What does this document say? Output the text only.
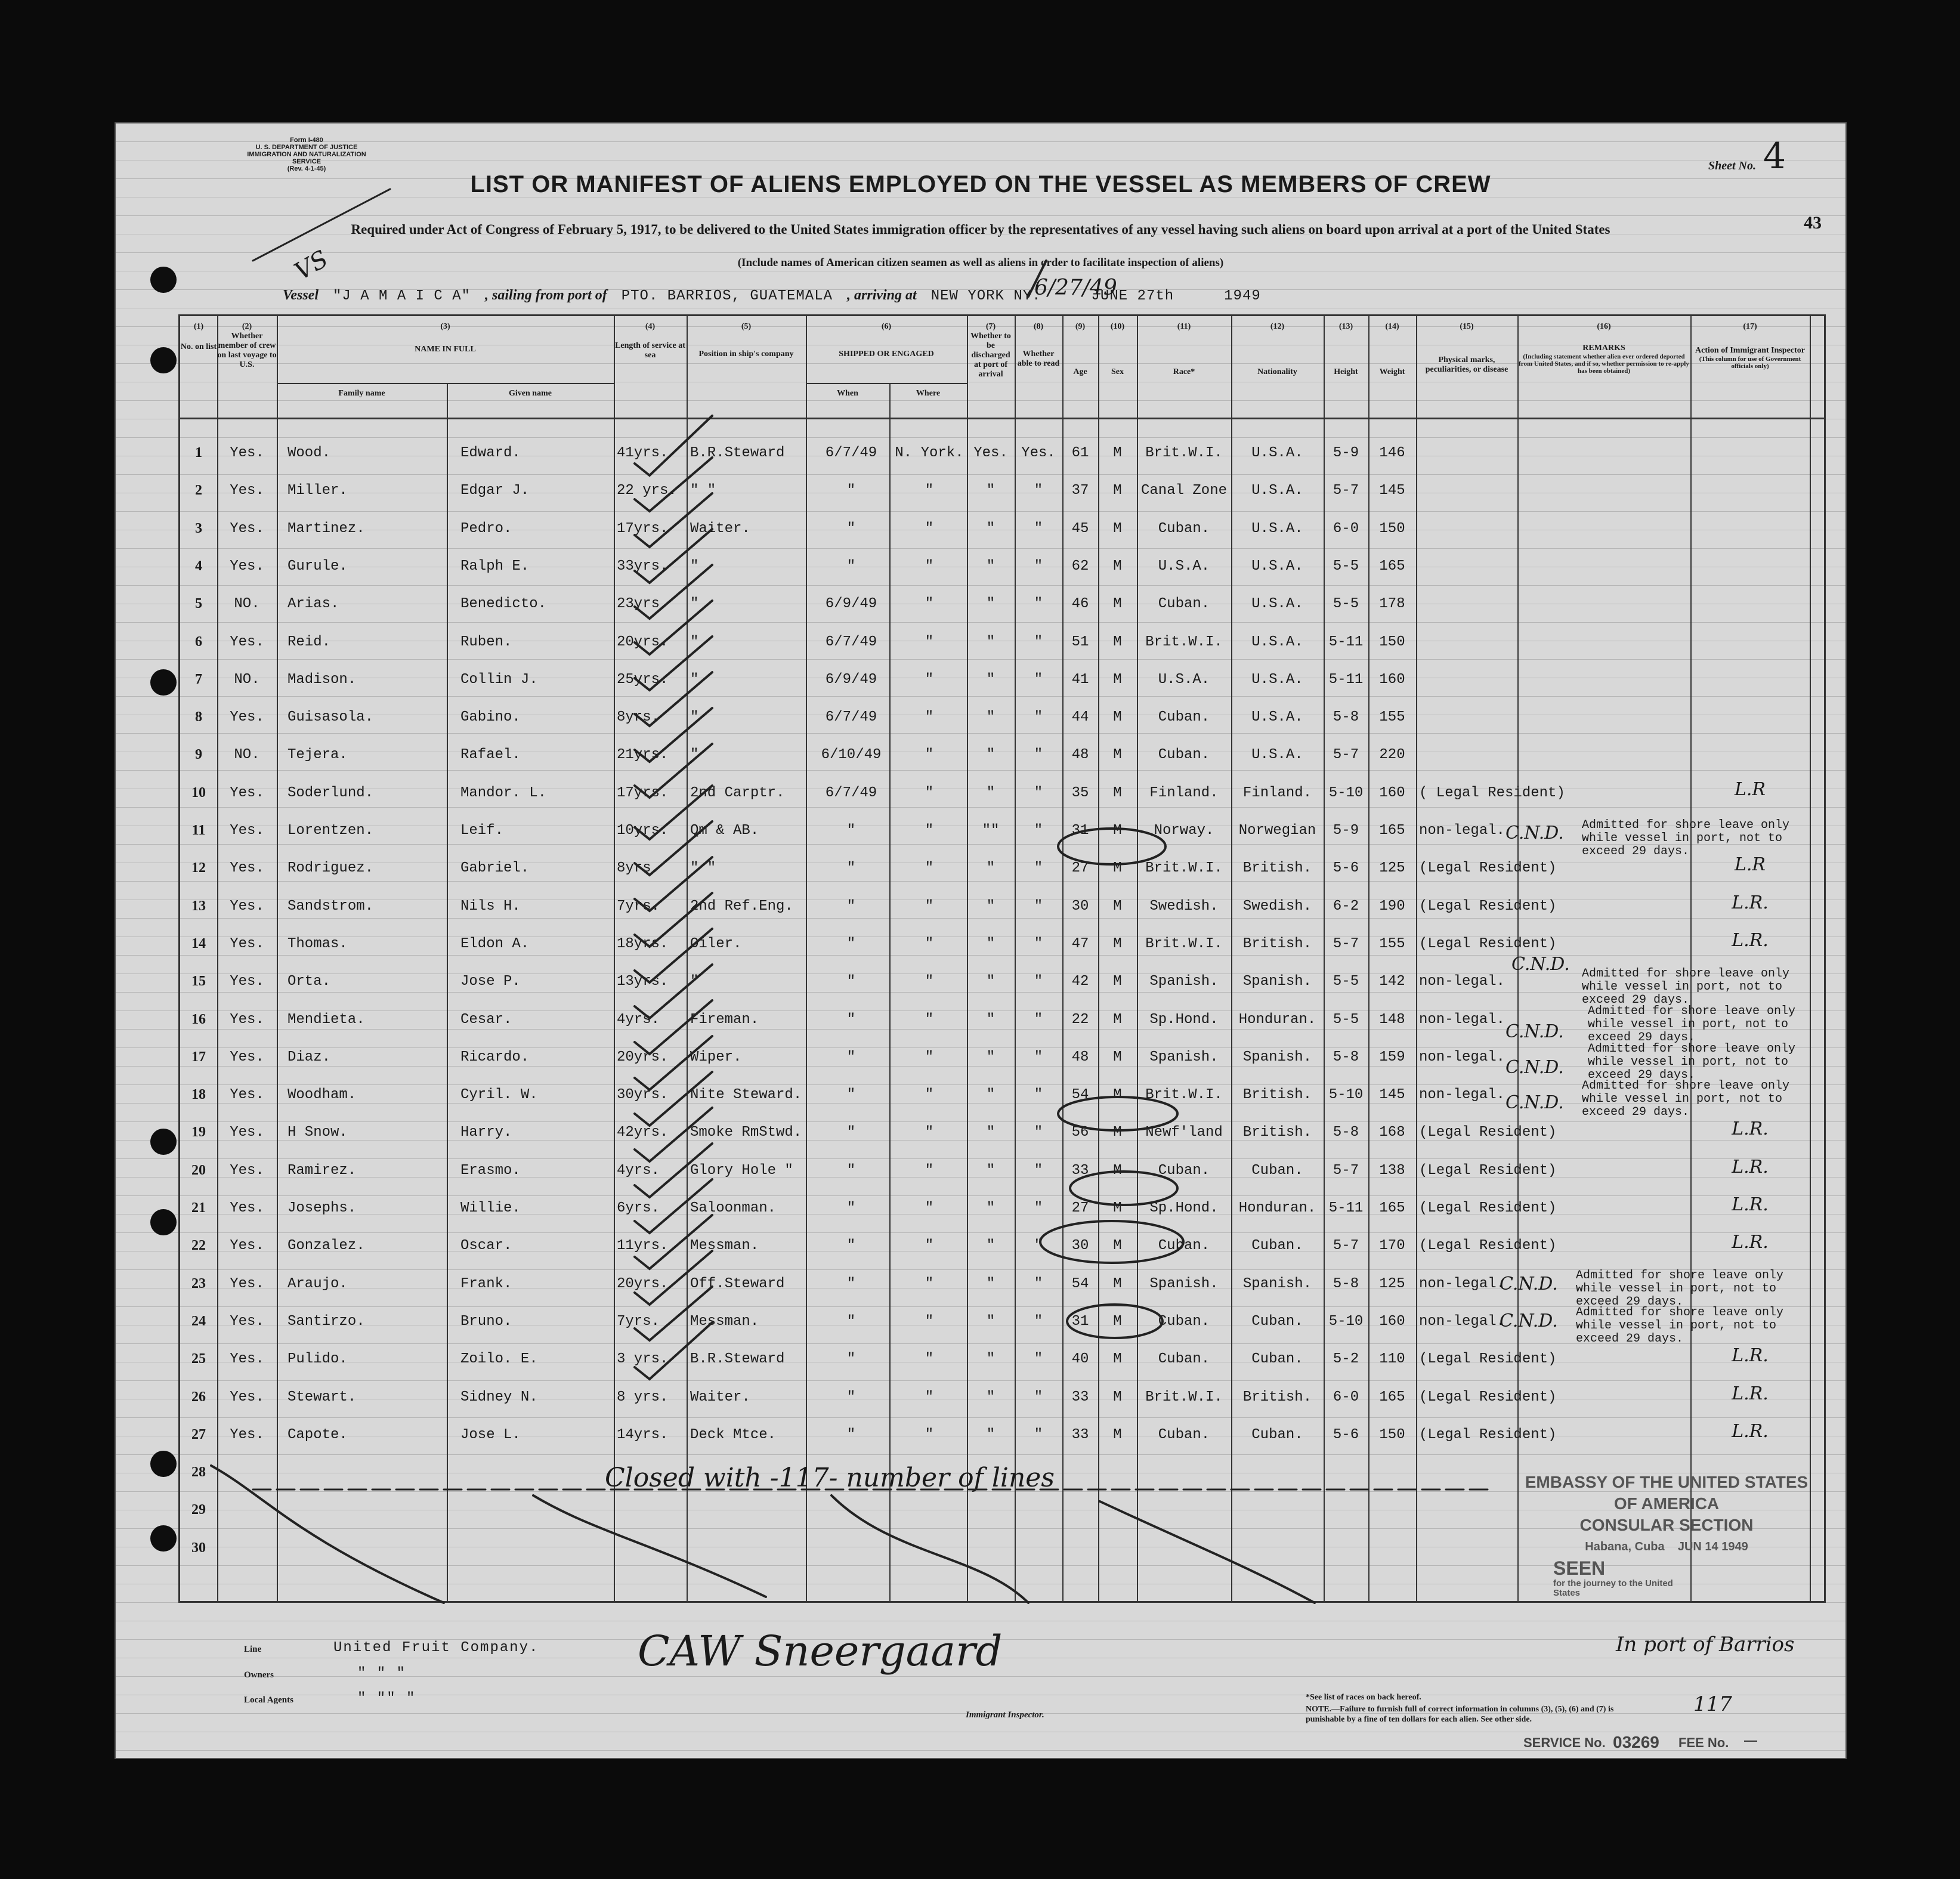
Form I-480
U. S. DEPARTMENT OF JUSTICE
IMMIGRATION AND NATURALIZATION SERVICE
(Rev. 4-1-45)	Sheet No. 4
43
LIST OR MANIFEST OF ALIENS EMPLOYED ON THE VESSEL AS MEMBERS OF CREW
Required under Act of Congress of February 5, 1917, to be delivered to the United States immigration officer by the representatives of any vessel having such aliens on board upon arrival at a port of the United States
(Include names of American citizen seamen as well as aliens in order to facilitate inspection of aliens)
Vessel "J A M A I C A" , sailing from port of PTO. BARRIOS, GUATEMALA , arriving at NEW YORK NY.	JUNE 27th	1949
(1)
No. on list
(2)
Whether member of crew on last voyage to U.S.
(3)
NAME IN FULL
Family name	Given name
(4)
Length of service at sea
(5)
Position in ship's company
(6)
SHIPPED OR ENGAGED
When	Where
(7)
Whether to be discharged at port of arrival
(8)
Whether able to read
(9)
Age
(10)
Sex
(11)
Race*
(12)
Nationality
(13)
Height
(14)
Weight
(15)
Physical marks, peculiarities, or disease
(16)
REMARKS
(Including statement whether alien ever ordered deported from United States, and if so, whether permission to re-apply has been obtained)
(17)
Action of Immigrant Inspector
(This column for use of Government officials only)
1	Yes.	Wood.	Edward.	41yrs.	B.R.Steward	6/7/49	N. York. Yes. Yes.	61	M	Brit.W.I.	U.S.A.	5-9	146
2	Yes.	Miller.	Edgar J.	22 yrs. " "	"	"	"	"	37	M	Canal Zone	U.S.A.	5-7	145
3	Yes.	Martinez.	Pedro.	17yrs.	Waiter.	"	"	"	"	45	M	Cuban.	U.S.A.	6-0	150
4	Yes.	Gurule.	Ralph E.	33yrs.	"	"	"	"	"	62	M	U.S.A.	U.S.A.	5-5	165
5	NO.	Arias.	Benedicto.	23yrs.	"	6/9/49	"	"	"	46	M	Cuban.	U.S.A.	5-5	178
6	Yes.	Reid.	Ruben.	20yrs.	"	6/7/49	"	"	"	51	M	Brit.W.I.	U.S.A.	5-11	150
7	NO.	Madison.	Collin J.	25yrs.	"	6/9/49	"	"	"	41	M	U.S.A.	U.S.A.	5-11	160
8	Yes.	Guisasola.	Gabino.	8yrs.	"	6/7/49	"	"	"	44	M	Cuban.	U.S.A.	5-8	155
9	NO.	Tejera.	Rafael.	21yrs.	"	6/10/49	"	"	"	48	M	Cuban.	U.S.A.	5-7	220
10	Yes.	Soderlund.	Mandor. L.	17yrs.	2nd Carptr.	6/7/49	"	"	"	35	M	Finland.	Finland.	5-10	160 ( Legal Resident)	L.R
11	Yes.	Lorentzen.	Leif.	10yrs.	Qm & AB.	"	"	""	"	31	M	Norway.	Norwegian	5-9	165 non-legal.
12	Yes.	Rodriguez.	Gabriel.	8yrs.	" "	"	"	"	"	27	M	Brit.W.I.	British.	5-6	125 (Legal Resident)	L.R
13	Yes.	Sandstrom.	Nils H.	7yrs.	2nd Ref.Eng.	"	"	"	"	30	M	Swedish.	Swedish.	6-2	190 (Legal Resident)	L.R.
14	Yes.	Thomas.	Eldon A.	18yrs.	Oiler.	"	"	"	"	47	M	Brit.W.I.	British.	5-7	155 (Legal Resident)	L.R.
15	Yes.	Orta.	Jose P.	13yrs.	"	"	"	"	"	42	M	Spanish.	Spanish.	5-5	142 non-legal.
16	Yes.	Mendieta.	Cesar.	4yrs.	Fireman.	"	"	"	"	22	M	Sp.Hond.	Honduran.	5-5	148 non-legal.
17	Yes.	Diaz.	Ricardo.	20yrs.	Wiper.	"	"	"	"	48	M	Spanish.	Spanish.	5-8	159 non-legal.
18	Yes.	Woodham.	Cyril. W.	30yrs.	Nite Steward.	"	"	"	"	54	M	Brit.W.I.	British.	5-10	145 non-legal.
19	Yes.	H Snow.	Harry.	42yrs.	Smoke RmStwd.	"	"	"	"	56	M	Newf'land	British.	5-8	168 (Legal Resident)	L.R.
20	Yes.	Ramirez.	Erasmo.	4yrs.	Glory Hole "	"	"	"	"	33	M	Cuban.	Cuban.	5-7	138 (Legal Resident)	L.R.
21	Yes.	Josephs.	Willie.	6yrs.	Saloonman.	"	"	"	"	27	M	Sp.Hond.	Honduran. 5-11	165 (Legal Resident)	L.R.
22	Yes.	Gonzalez.	Oscar.	11yrs.	Messman.	"	"	"	"	30	M	Cuban.	Cuban.	5-7	170 (Legal Resident)	L.R.
23	Yes.	Araujo.	Frank.	20yrs.	Off.Steward	"	"	"	"	54	M	Spanish.	Spanish.	5-8	125 non-legal.
24	Yes.	Santirzo.	Bruno.	7yrs.	Messman.	"	"	"	"	31	M	Cuban.	Cuban.	5-10	160 non-legal.
25	Yes.	Pulido.	Zoilo. E.	3 yrs.	B.R.Steward	"	"	"	"	40	M	Cuban.	Cuban.	5-2	110 (Legal Resident)	L.R.
26	Yes.	Stewart.	Sidney N.	8 yrs.	Waiter.	"	"	"	"	33	M	Brit.W.I.	British.	6-0	165 (Legal Resident)	L.R.
27	Yes.	Capote.	Jose L.	14yrs.	Deck Mtce.	"	"	"	"	33	M	Cuban.	Cuban.	5-6	150 (Legal Resident)	L.R.
28
29
30
Admitted for shore leave only while vessel in port, not to exceed 29 days.
Admitted for shore leave only while vessel in port, not to exceed 29 days.
Admitted for shore leave only while vessel in port, not to exceed 29 days.
Admitted for shore leave only while vessel in port, not to exceed 29 days.
Admitted for shore leave only while vessel in port, not to exceed 29 days.
Admitted for shore leave only while vessel in port, not to exceed 29 days.
Admitted for shore leave only while vessel in port, not to exceed 29 days.
VS
6/27/49
C.N.D.
C.N.D.
C.N.D.
C.N.D.
C.N.D.
C.N.D.
C.N.D.
Closed with -117- number of lines
Line	United Fruit Company.
Owners	" " "
Local Agents	" "" "
CAW Sneergaard
Immigrant Inspector.
*See list of races on back hereof.
NOTE.—Failure to furnish full of correct information in columns (3), (5), (6) and (7) is punishable by a fine of ten dollars for each alien. See other side.
In port of Barrios
117
EMBASSY OF THE UNITED STATES
OF AMERICA
CONSULAR SECTION
Habana, Cuba JUN 14 1949
SEEN
for the journey to the United States
SERVICE No. 03269 FEE No. —
